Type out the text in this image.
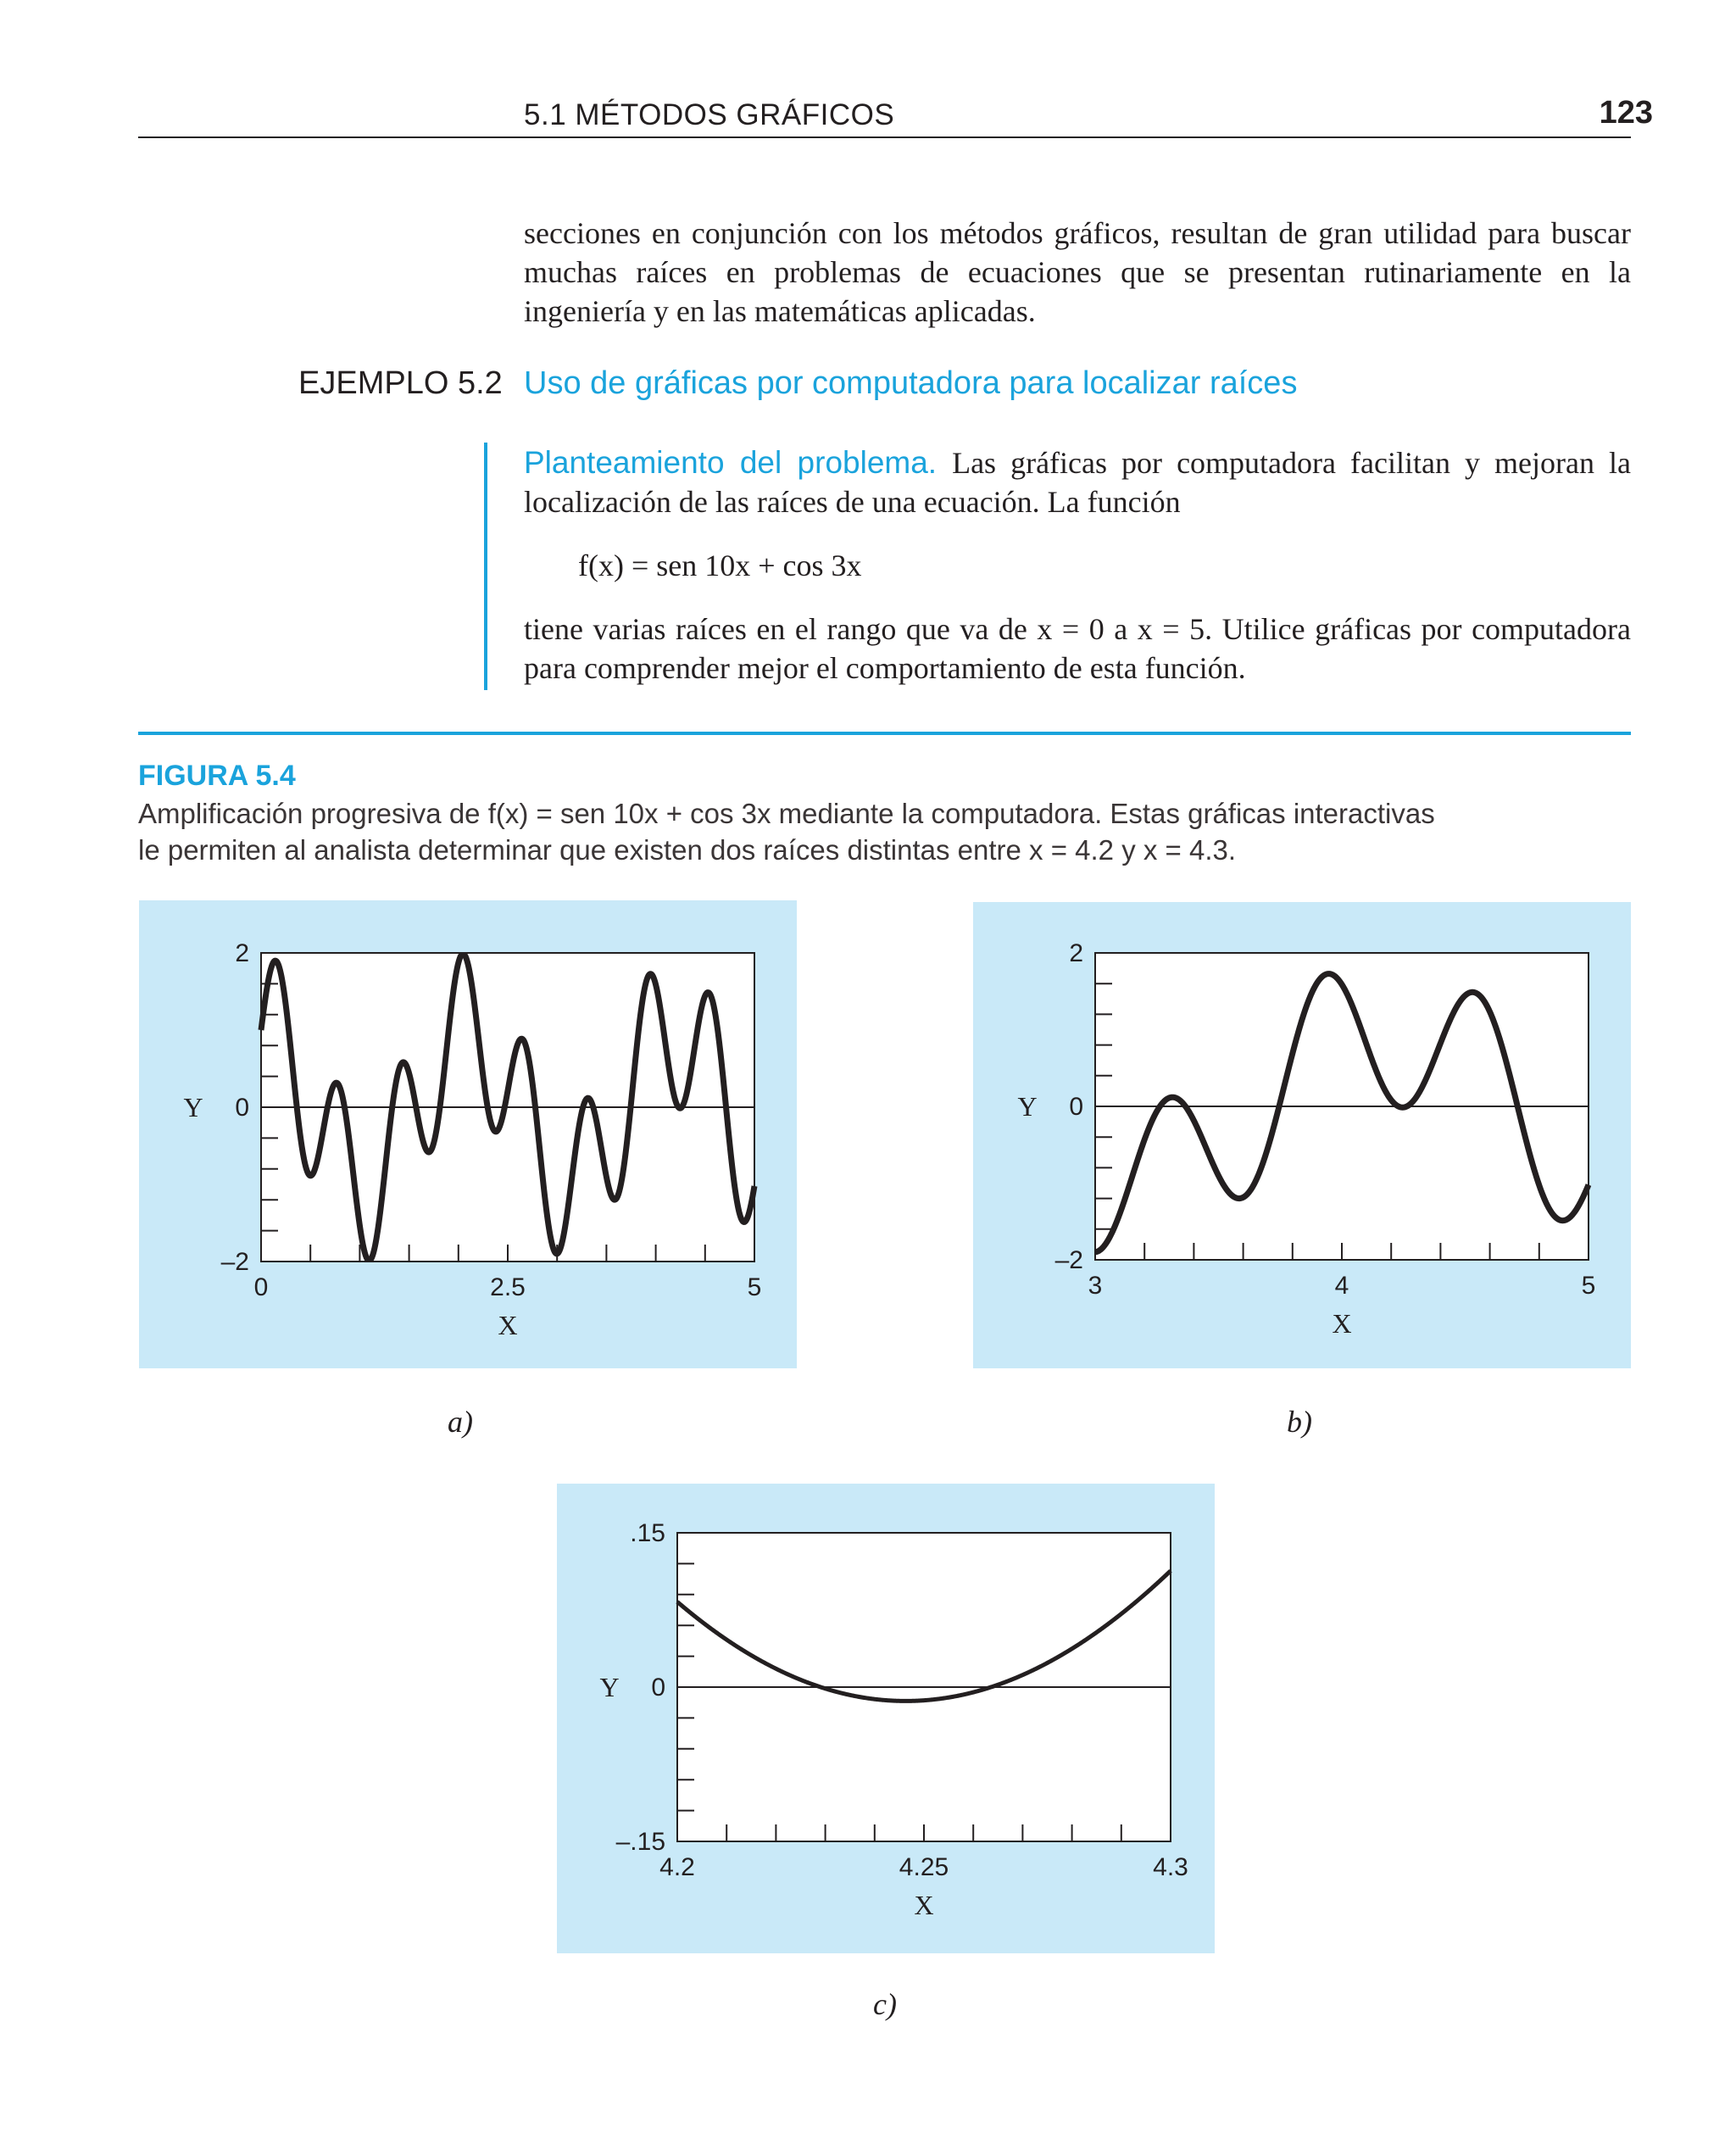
5.1 MÉTODOS GRÁFICOS	123
secciones en conjunción con los métodos gráficos, resultan de gran utilidad para buscar muchas raíces en problemas de ecuaciones que se presentan rutinariamente en la ingeniería y en las matemáticas aplicadas.
EJEMPLO 5.2 Uso de gráficas por computadora para localizar raíces
Planteamiento del problema. Las gráficas por computadora facilitan y mejoran la localización de las raíces de una ecuación. La función
f(x) = sen 10x + cos 3x
tiene varias raíces en el rango que va de x = 0 a x = 5. Utilice gráficas por computadora para comprender mejor el comportamiento de esta función.
FIGURA 5.4
Amplificación progresiva de f(x) = sen 10x + cos 3x mediante la computadora. Estas gráficas interactivas
le permiten al analista determinar que existen dos raíces distintas entre x = 4.2 y x = 4.3.
2
0
–2
0	2.5	5
X
Y
a)
2
0
–2
3	4	5
X
Y
b)
.15
0
–.15
4.2	4.25	4.3
X
Y
c)
